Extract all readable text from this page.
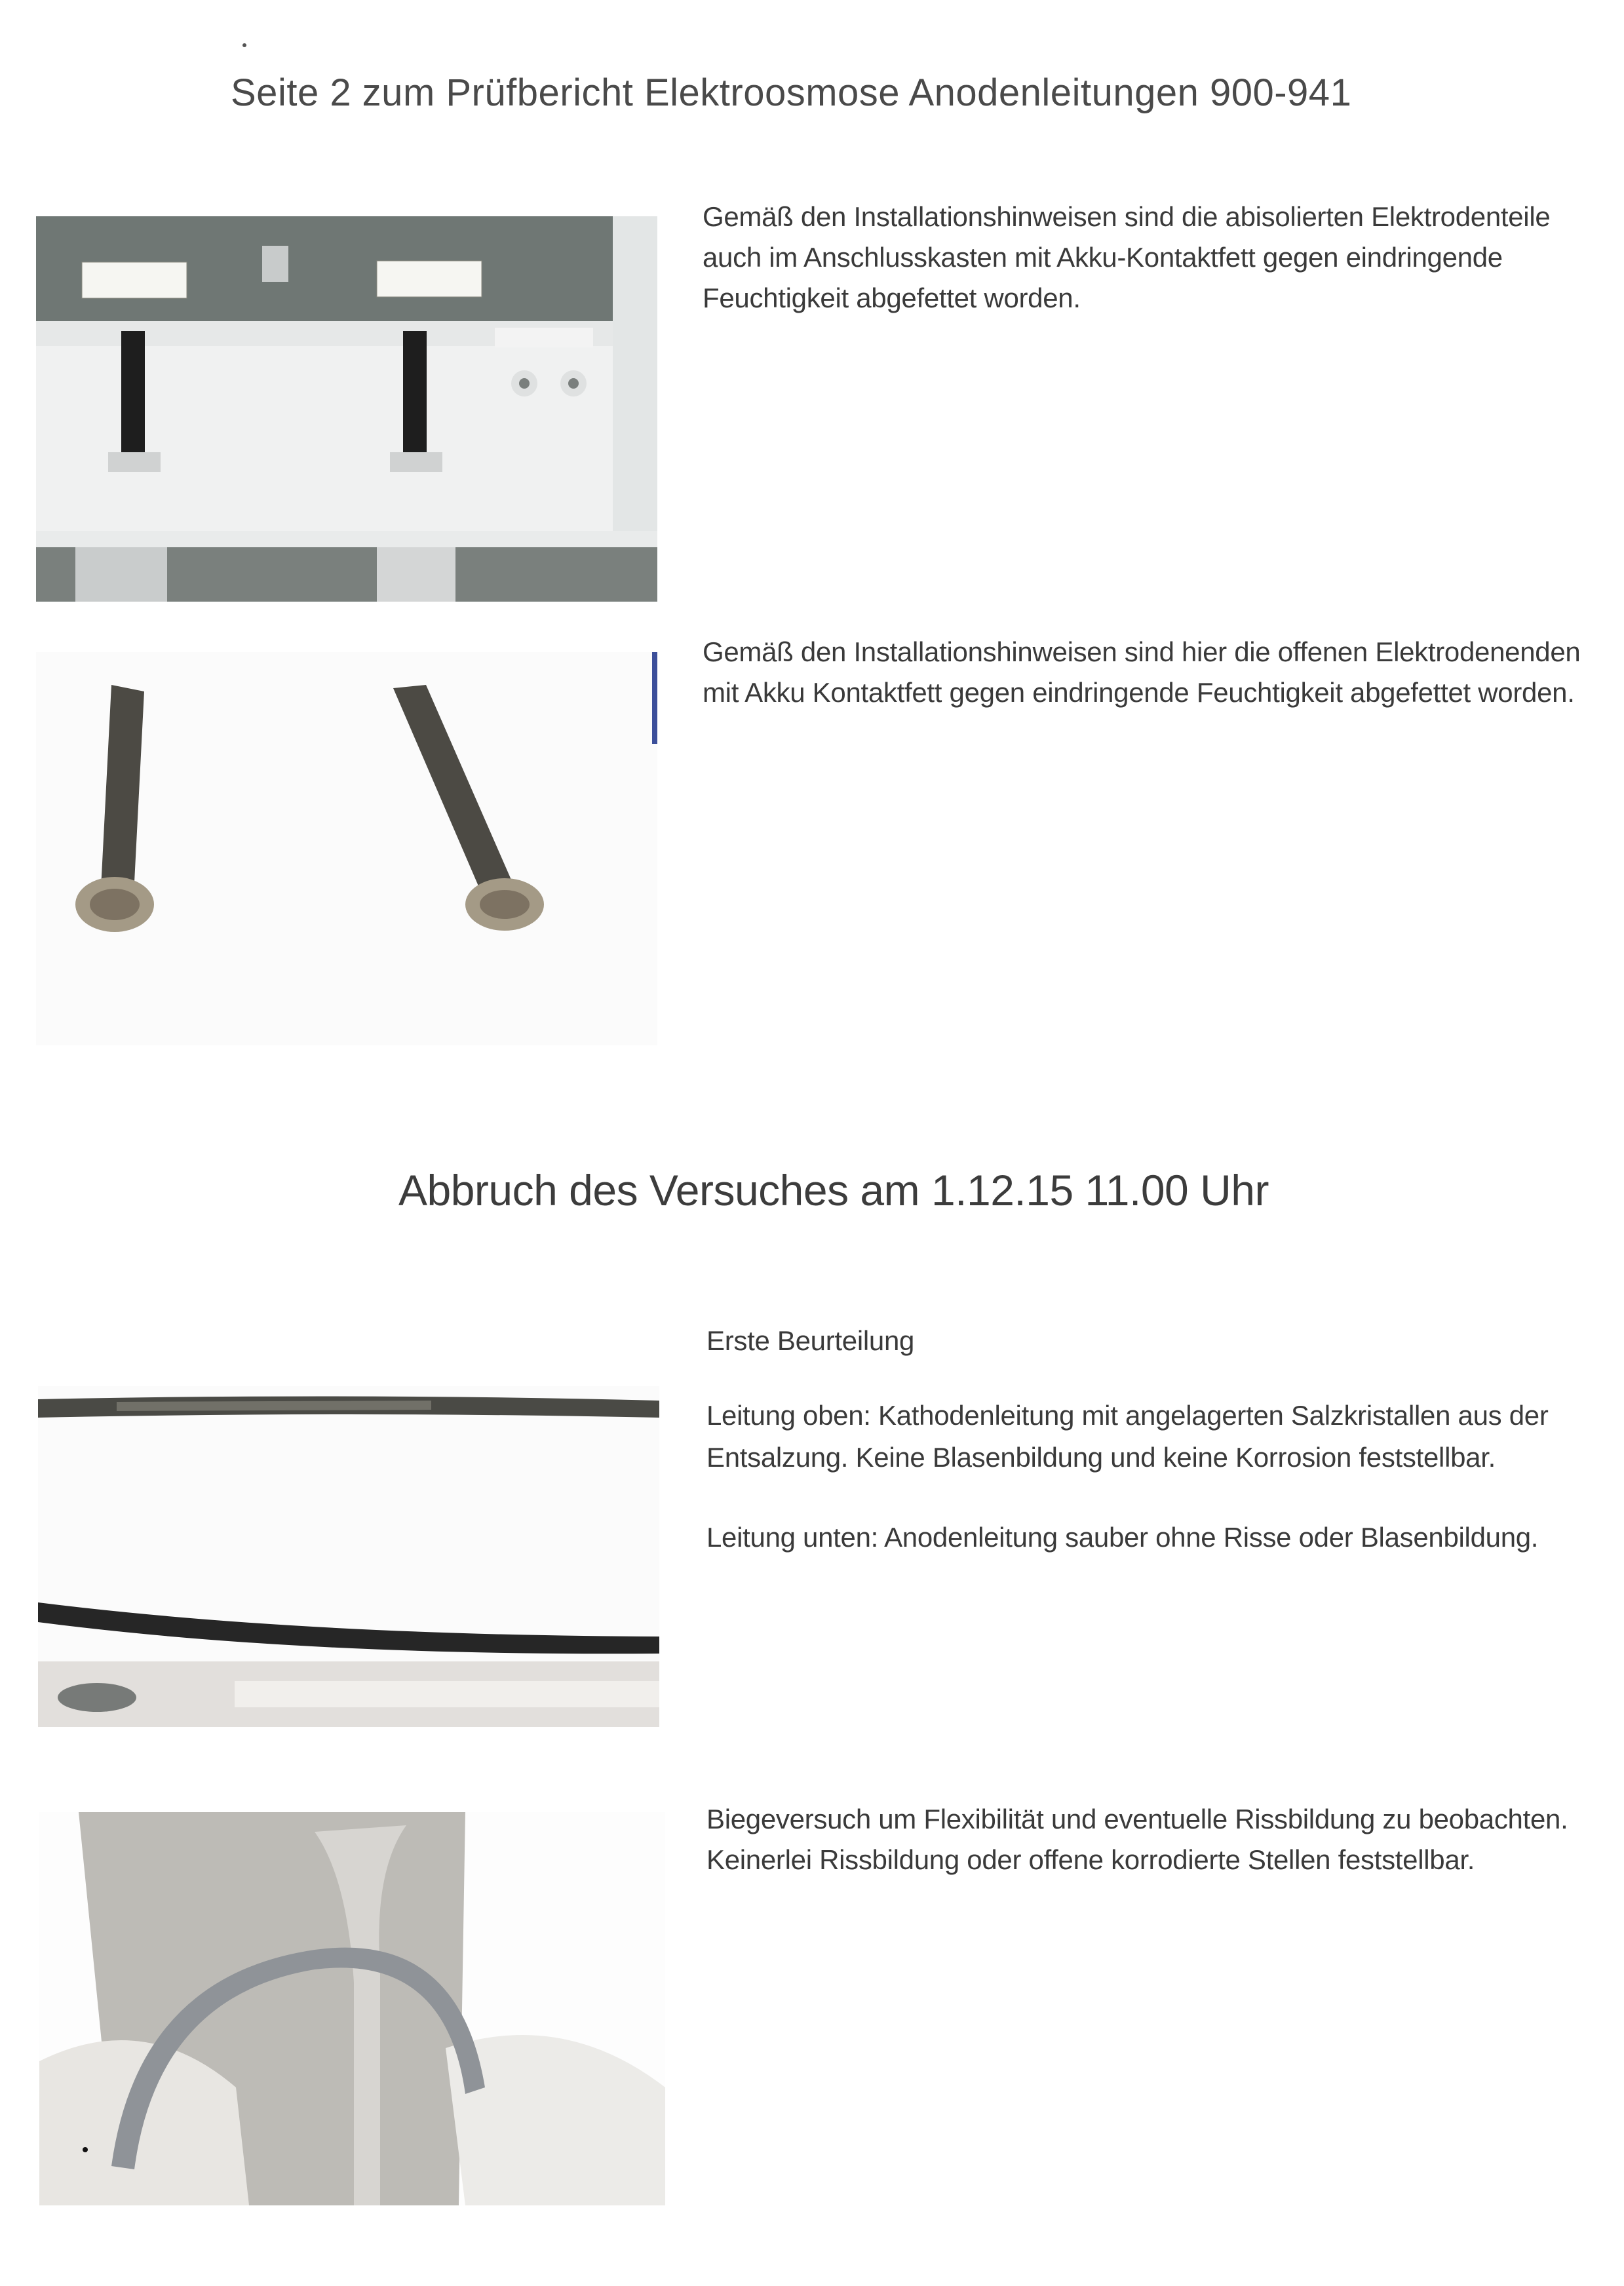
Seite 2 zum Prüfbericht Elektroosmose Anodenleitungen 900-941
Gemäß den Installationshinweisen sind die abisolierten Elektrodenteile auch im Anschlusskasten mit Akku-Kontaktfett gegen eindringende Feuchtigkeit abgefettet worden.
Gemäß den Installationshinweisen sind hier die offenen Elektrodenenden mit Akku Kontaktfett gegen eindringende Feuchtigkeit abgefettet worden.
Abbruch des Versuches am 1.12.15 11.00 Uhr
Erste Beurteilung
Leitung oben: Kathodenleitung mit angelagerten Salzkristallen aus der Entsalzung. Keine Blasenbildung und keine Korrosion feststellbar.
Leitung unten: Anodenleitung sauber ohne Risse oder Blasenbildung.
Biegeversuch um Flexibilität und eventuelle Rissbildung zu beobachten. Keinerlei Rissbildung oder offene korrodierte Stellen feststellbar.
